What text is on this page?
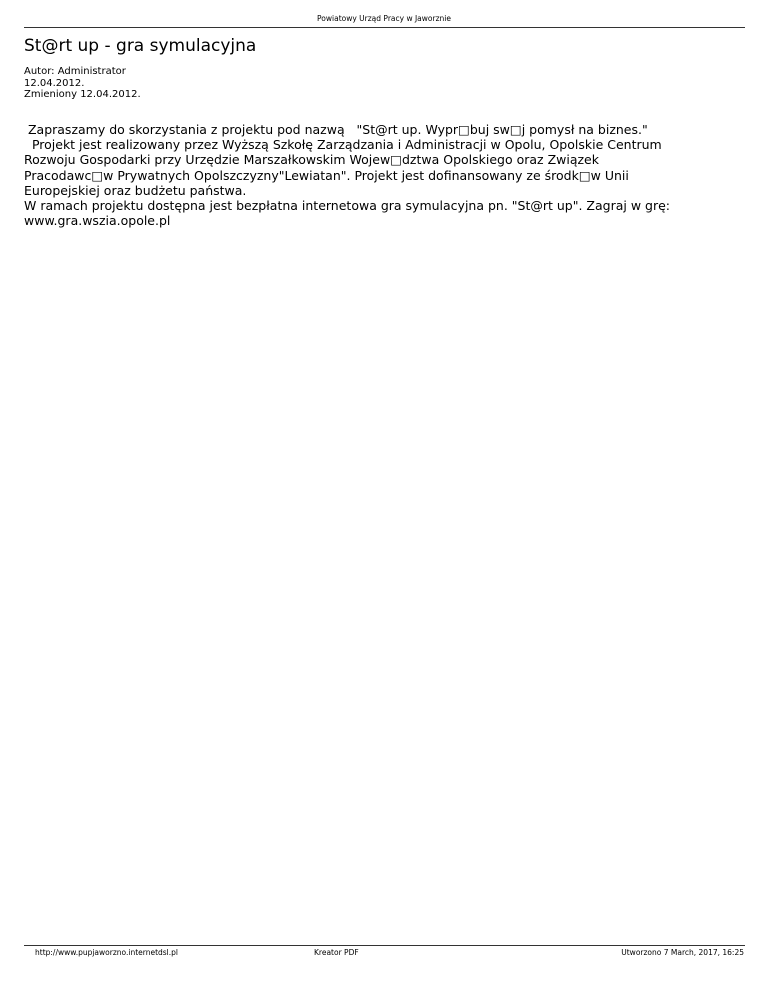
Powiatowy Urząd Pracy w Jaworznie
St@rt up - gra symulacyjna
Autor: Administrator
12.04.2012.
Zmieniony 12.04.2012.

Zapraszamy do skorzystania z projektu pod nazwą   "St@rt up. Wypr□buj sw□j pomysł na biznes."

Projekt jest realizowany przez Wyższą Szkołę Zarządzania i Administracji w Opolu, Opolskie Centrum

Rozwoju Gospodarki przy Urzędzie Marszałkowskim Wojew□dztwa Opolskiego oraz Związek

Pracodawc□w Prywatnych Opolszczyzny"Lewiatan". Projekt jest dofinansowany ze środk□w Unii

Europejskiej oraz budżetu państwa.

W ramach projektu dostępna jest bezpłatna internetowa gra symulacyjna pn. "St@rt up". Zagraj w grę:

www.gra.wszia.opole.pl

http://www.pupjaworzno.internetdsl.pl	Kreator PDF	Utworzono 7 March, 2017, 16:25
